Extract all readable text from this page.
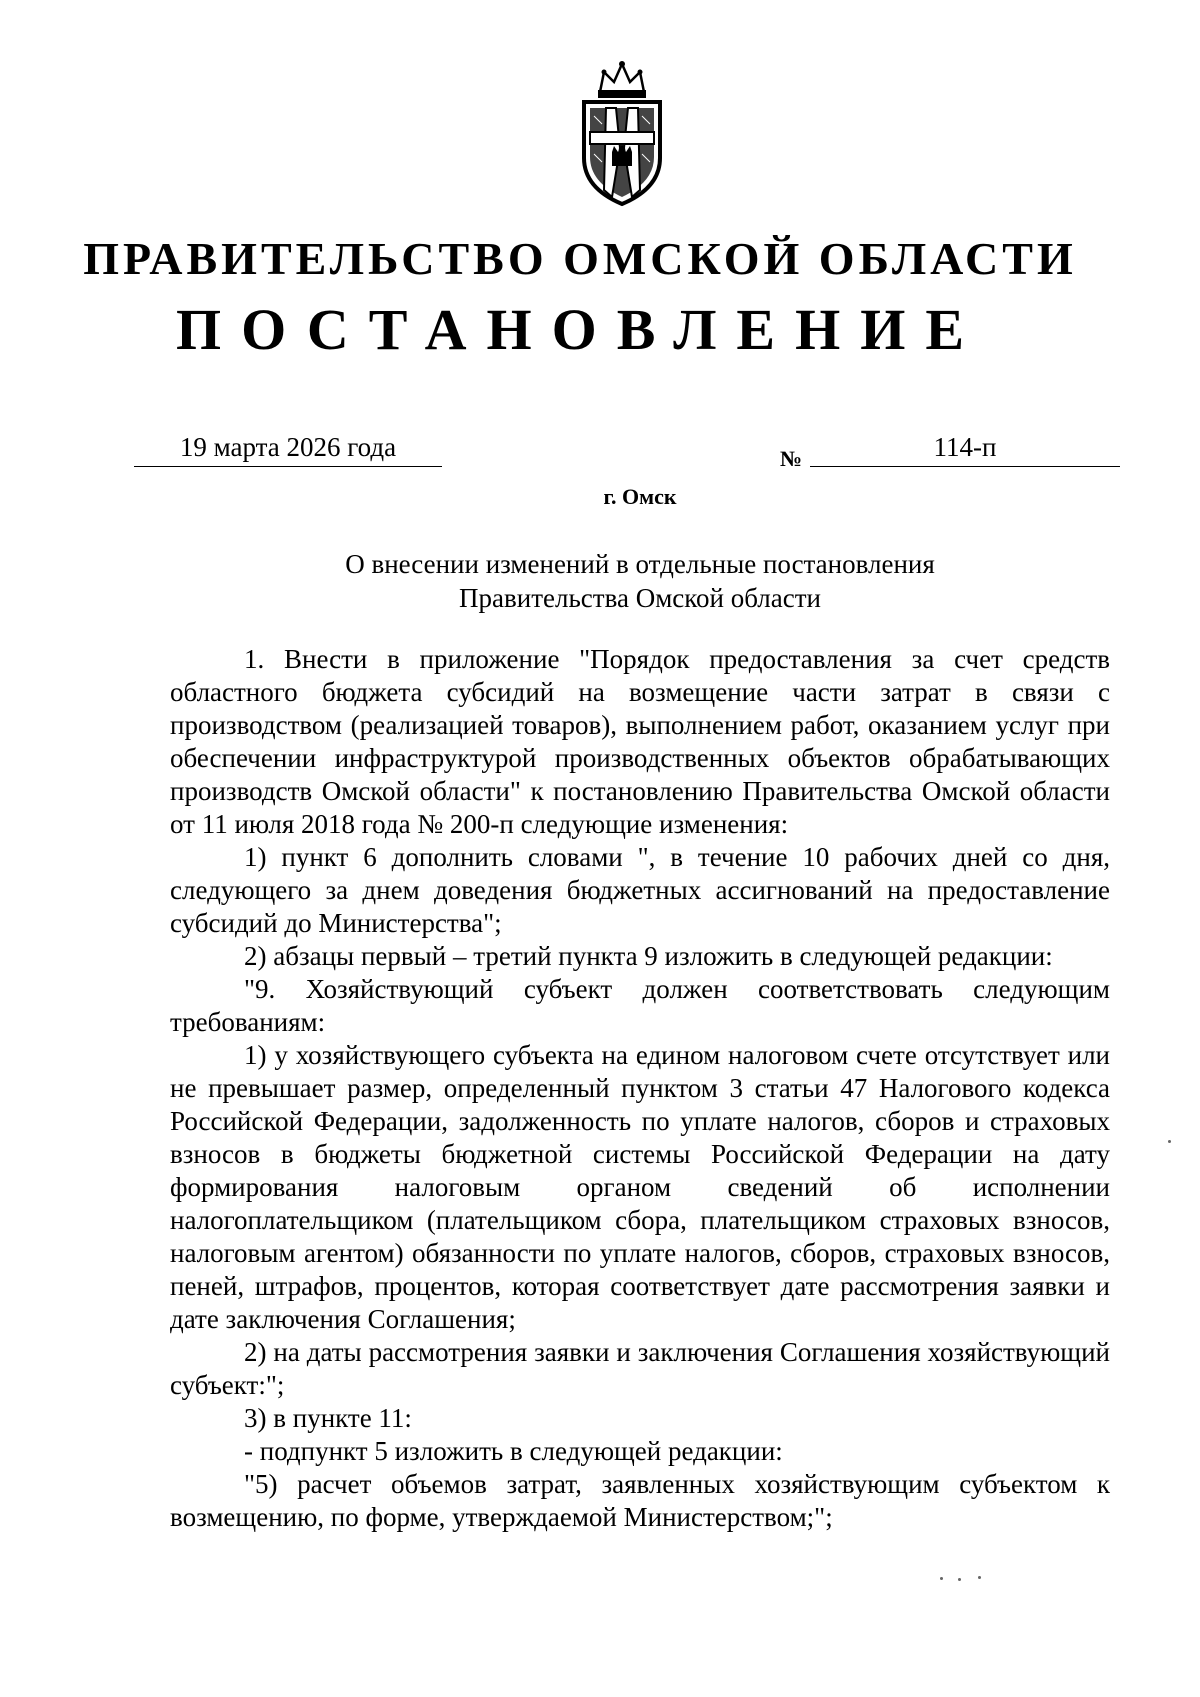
ПРАВИТЕЛЬСТВО ОМСКОЙ ОБЛАСТИ
ПОСТАНОВЛЕНИЕ
19 марта 2026 года	№	114-п
г. Омск
О внесении изменений в отдельные постановления
Правительства Омской области

1. Внести в приложение "Порядок предоставления за счет средств областного бюджета субсидий на возмещение части затрат в связи с производством (реализацией товаров), выполнением работ, оказанием услуг при обеспечении инфраструктурой производственных объектов обрабатывающих производств Омской области" к постановлению Правительства Омской области от 11 июля 2018 года № 200-п следующие изменения:

1) пункт 6 дополнить словами ", в течение 10 рабочих дней со дня, следующего за днем доведения бюджетных ассигнований на предоставление субсидий до Министерства";

2) абзацы первый – третий пункта 9 изложить в следующей редакции:

"9. Хозяйствующий субъект должен соответствовать следующим требованиям:

1) у хозяйствующего субъекта на едином налоговом счете отсутствует или не превышает размер, определенный пунктом 3 статьи 47 Налогового кодекса Российской Федерации, задолженность по уплате налогов, сборов и страховых взносов в бюджеты бюджетной системы Российской Федерации на дату формирования налоговым органом сведений об исполнении налогоплательщиком (плательщиком сбора, плательщиком страховых взносов, налоговым агентом) обязанности по уплате налогов, сборов, страховых взносов, пеней, штрафов, процентов, которая соответствует дате рассмотрения заявки и дате заключения Соглашения;

2) на даты рассмотрения заявки и заключения Соглашения хозяйствующий субъект:";

3) в пункте 11:

- подпункт 5 изложить в следующей редакции:

"5) расчет объемов затрат, заявленных хозяйствующим субъектом к возмещению, по форме, утверждаемой Министерством;";
